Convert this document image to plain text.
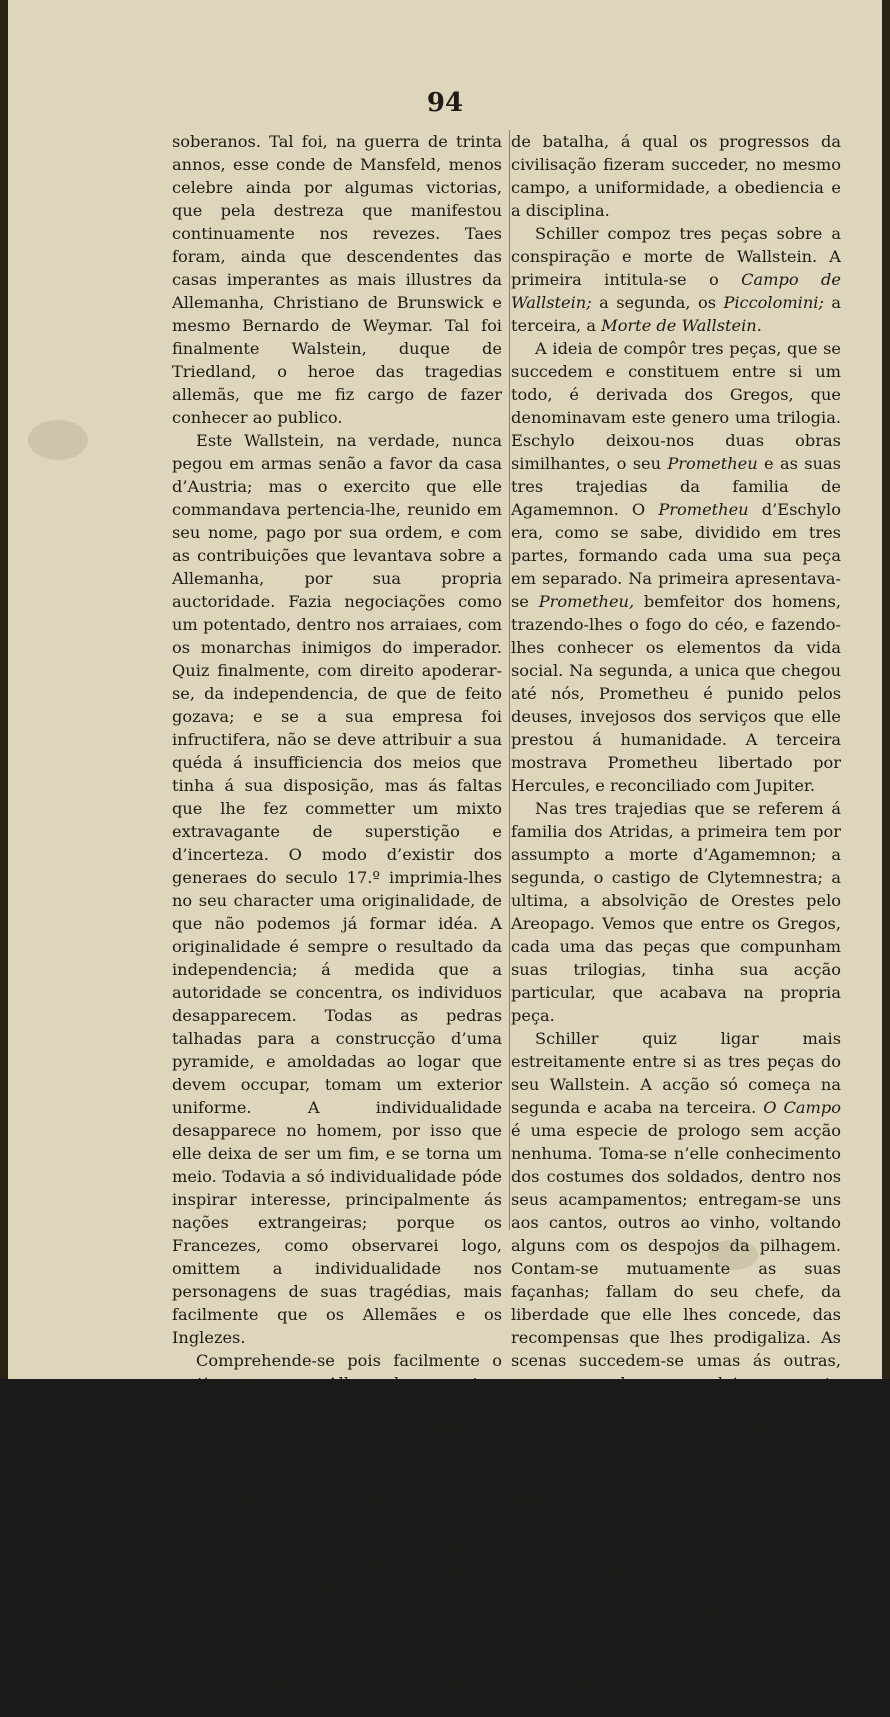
94

soberanos. Tal foi, na guerra de trinta annos, esse conde de Mansfeld, menos celebre ainda por algumas victorias, que pela destreza que manifestou continuamente nos revezes. Taes foram, ainda que descendentes das casas imperantes as mais illustres da Allemanha, Christiano de Brunswick e mesmo Bernardo de Weymar. Tal foi finalmente Walstein, duque de Triedland, o heroe das tragedias allemãs, que me fiz cargo de fazer conhecer ao publico.

Este Wallstein, na verdade, nunca pegou em armas senão a favor da casa d’Austria; mas o exercito que elle commandava pertencia-lhe, reunido em seu nome, pago por sua ordem, e com as contribuições que levantava sobre a Allemanha, por sua propria auctoridade. Fazia negociações como um potentado, dentro nos arraiaes, com os monarchas inimigos do imperador. Quiz finalmente, com direito apoderar-se, da independencia, de que de feito gozava; e se a sua empresa foi infructifera, não se deve attribuir a sua quéda á insufficiencia dos meios que tinha á sua disposição, mas ás faltas que lhe fez commetter um mixto extravagante de superstição e d’incerteza. O modo d’existir dos generaes do seculo 17.º imprimia-lhes no seu character uma originalidade, de que não podemos já formar idéa. A originalidade é sempre o resultado da independencia; á medida que a autoridade se concentra, os individuos desapparecem. Todas as pedras talhadas para a construcção d’uma pyramide, e amoldadas ao logar que devem occupar, tomam um exterior uniforme. A individualidade desapparece no homem, por isso que elle deixa de ser um fim, e se torna um meio. Todavia a só individualidade póde inspirar interesse, principalmente ás nações extrangeiras; porque os Francezes, como observarei logo, omittem a individualidade nos personagens de suas tragédias, mais facilmente que os Allemães e os Inglezes.

Comprehende-se pois facilmente o motivo por que na Allemanha os poetas, que tentaram representar na scena epochas da sua historia, preferiram aquellas em que nos individuos apparecia um certo cunho de personalidade, e onde transluzia facilmente o seu character natural. É assim que Goëthe, o auctor de Werther, pintou, em Goetz de Berlichingen, a lucta entre a cavallaria moribunda e o poder do imperio; e que Schiller quiz tambem traçar em Wallstein, os ultimos esforços do espirito militar, e essa vida independente e quasi selvagem do campo

de batalha, á qual os progressos da civilisação fizeram succeder, no mesmo campo, a uniformidade, a obediencia e a disciplina.

Schiller compoz tres peças sobre a conspiração e morte de Wallstein. A primeira intitula-se o Campo de Wallstein; a segunda, os Piccolomini; a terceira, a Morte de Wallstein.

A ideia de compôr tres peças, que se succedem e constituem entre si um todo, é derivada dos Gregos, que denominavam este genero uma trilogia. Eschylo deixou-nos duas obras similhantes, o seu Prometheu e as suas tres trajedias da familia de Agamemnon. O Prometheu d’Eschylo era, como se sabe, dividido em tres partes, formando cada uma sua peça em separado. Na primeira apresentava-se Prometheu, bemfeitor dos homens, trazendo-lhes o fogo do céo, e fazendo-lhes conhecer os elementos da vida social. Na segunda, a unica que chegou até nós, Prometheu é punido pelos deuses, invejosos dos serviços que elle prestou á humanidade. A terceira mostrava Prometheu libertado por Hercules, e reconciliado com Jupiter.

Nas tres trajedias que se referem á familia dos Atridas, a primeira tem por assumpto a morte d’Agamemnon; a segunda, o castigo de Clytemnestra; a ultima, a absolvição de Orestes pelo Areopago. Vemos que entre os Gregos, cada uma das peças que compunham suas trilogias, tinha sua acção particular, que acabava na propria peça.

Schiller quiz ligar mais estreitamente entre si as tres peças do seu Wallstein. A acção só começa na segunda e acaba na terceira. O Campo é uma especie de prologo sem acção nenhuma. Toma-se n’elle conhecimento dos costumes dos soldados, dentro nos seus acampamentos; entregam-se uns aos cantos, outros ao vinho, voltando alguns com os despojos da pilhagem. Contam-se mutuamente as suas façanhas; fallam do seu chefe, da liberdade que elle lhes concede, das recompensas que lhes prodigaliza. As scenas succedem-se umas ás outras, sem que nada as encadeie; mas esta incoherencia é natural; é um quadro transitorio, onde não existe nem o passado nem o futuro. Todavia o genio de Wallstein preside a esta desordem apparente. Vive no coração de todos; celebram todos seus louvores, inquietam-nos os boatos espalhados do descontentamento da côrte, jurando entre si não abandonar o general que os protege. Percebem-se todos os symptomas d’uma insurreição prestes a rebentar, se o signal para ella for dado por Wallstein.
